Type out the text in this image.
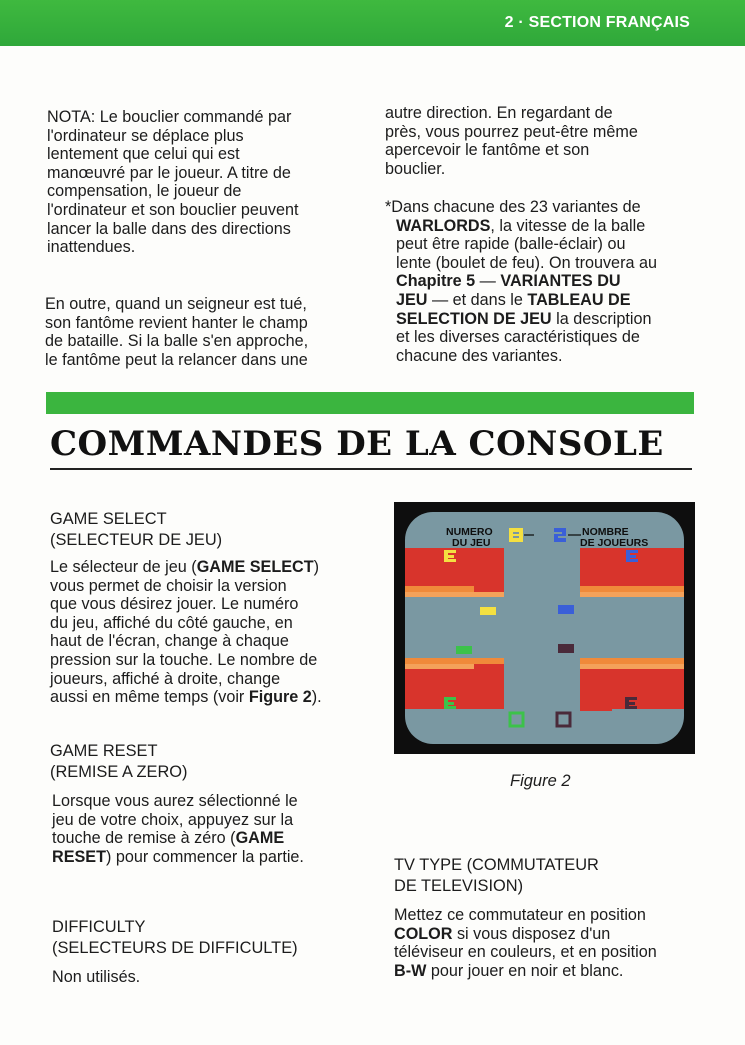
2 · SECTION FRANÇAIS

NOTA: Le bouclier commandé par
l'ordinateur se déplace plus
lentement que celui qui est
manœuvré par le joueur. A titre de
compensation, le joueur de
l'ordinateur et son bouclier peuvent
lancer la balle dans des directions
inattendues.

En outre, quand un seigneur est tué,
son fantôme revient hanter le champ
de bataille. Si la balle s'en approche,
le fantôme peut la relancer dans une

autre direction. En regardant de
près, vous pourrez peut-être même
apercevoir le fantôme et son
bouclier.

*Dans chacune des 23 variantes de
WARLORDS, la vitesse de la balle
peut être rapide (balle-éclair) ou
lente (boulet de feu). On trouvera au
Chapitre 5 — VARIANTES DU
JEU — et dans le TABLEAU DE
SELECTION DE JEU la description
et les diverses caractéristiques de
chacune des variantes.

COMMANDES DE LA CONSOLE

GAME SELECT
(SELECTEUR DE JEU)

Le sélecteur de jeu (GAME SELECT)
vous permet de choisir la version
que vous désirez jouer. Le numéro
du jeu, affiché du côté gauche, en
haut de l'écran, change à chaque
pression sur la touche. Le nombre de
joueurs, affiché à droite, change
aussi en même temps (voir Figure 2).

GAME RESET
(REMISE A ZERO)

Lorsque vous aurez sélectionné le
jeu de votre choix, appuyez sur la
touche de remise à zéro (GAME
RESET) pour commencer la partie.

DIFFICULTY
(SELECTEURS DE DIFFICULTE)

Non utilisés.

NUMERO
DU JEU
NOMBRE
DE JOUEURS
Figure 2

TV TYPE (COMMUTATEUR
DE TELEVISION)

Mettez ce commutateur en position
COLOR si vous disposez d'un
téléviseur en couleurs, et en position
B-W pour jouer en noir et blanc.
